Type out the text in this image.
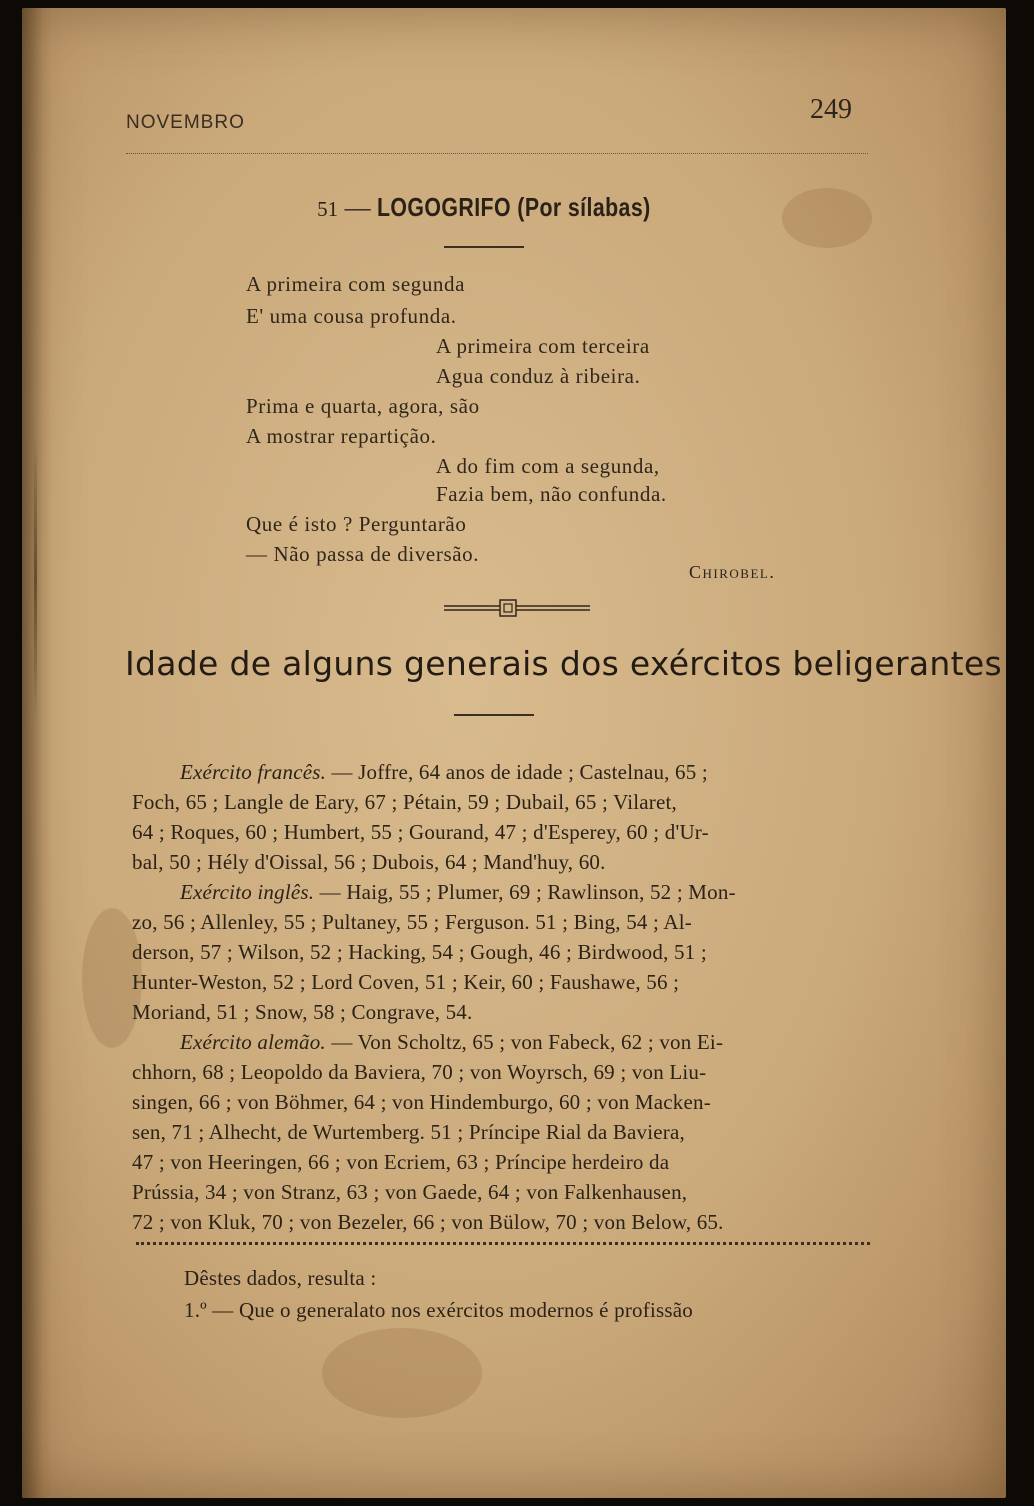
NOVEMBRO	249
51 — LOGOGRIFO (Por sílabas)
A primeira com segunda
E' uma cousa profunda.
A primeira com terceira
Agua conduz à ribeira.
Prima e quarta, agora, são
A mostrar repartição.
A do fim com a segunda,
Fazia bem, não confunda.
Que é isto ? Perguntarão
— Não passa de diversão.
Chirobel.
Idade de alguns generais dos exércitos beligerantes
Exército francês. — Joffre, 64 anos de idade ; Castelnau, 65 ;
Foch, 65 ; Langle de Eary, 67 ; Pétain, 59 ; Dubail, 65 ; Vilaret,
64 ; Roques, 60 ; Humbert, 55 ; Gourand, 47 ; d'Esperey, 60 ; d'Ur-
bal, 50 ; Hély d'Oissal, 56 ; Dubois, 64 ; Mand'huy, 60.
Exército inglês. — Haig, 55 ; Plumer, 69 ; Rawlinson, 52 ; Mon-
zo, 56 ; Allenley, 55 ; Pultaney, 55 ; Ferguson. 51 ; Bing, 54 ; Al-
derson, 57 ; Wilson, 52 ; Hacking, 54 ; Gough, 46 ; Birdwood, 51 ;
Hunter-Weston, 52 ; Lord Coven, 51 ; Keir, 60 ; Faushawe, 56 ;
Moriand, 51 ; Snow, 58 ; Congrave, 54.
Exército alemão. — Von Scholtz, 65 ; von Fabeck, 62 ; von Ei-
chhorn, 68 ; Leopoldo da Baviera, 70 ; von Woyrsch, 69 ; von Liu-
singen, 66 ; von Böhmer, 64 ; von Hindemburgo, 60 ; von Macken-
sen, 71 ; Alhecht, de Wurtemberg. 51 ; Príncipe Rial da Baviera,
47 ; von Heeringen, 66 ; von Ecriem, 63 ; Príncipe herdeiro da
Prússia, 34 ; von Stranz, 63 ; von Gaede, 64 ; von Falkenhausen,
72 ; von Kluk, 70 ; von Bezeler, 66 ; von Bülow, 70 ; von Below, 65.
Dêstes dados, resulta :
1.º — Que o generalato nos exércitos modernos é profissão
